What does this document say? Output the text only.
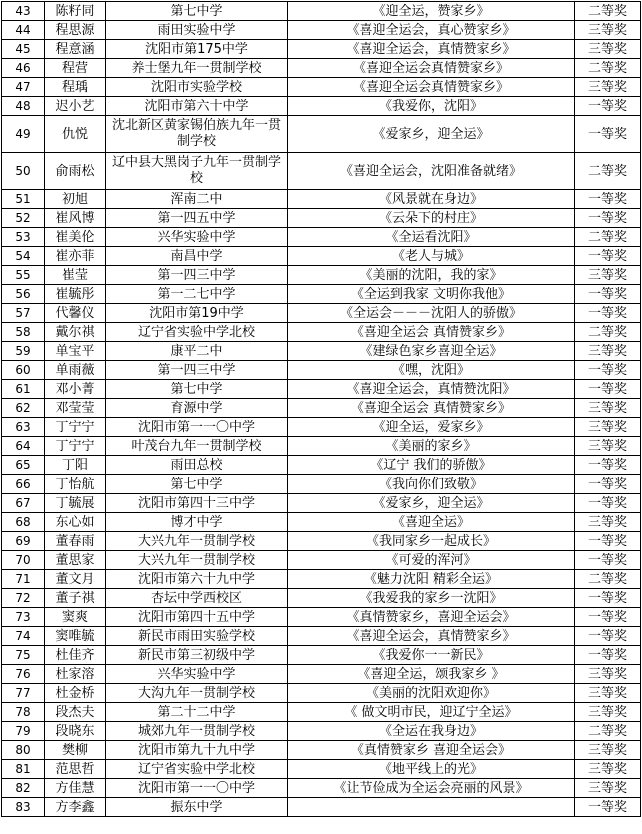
43	陈籽同	第七中学	《迎全运，赞家乡》	二等奖
44	程思源	雨田实验中学	《喜迎全运会，真心赞家乡》	三等奖
45	程意涵	沈阳市第175中学	《喜迎全运会，真情赞家乡》	三等奖
46	程营	养士堡九年一贯制学校	《喜迎全运会真情赞家乡》	二等奖
47	程瑀	沈阳市实验学校	《喜迎全运会真情赞家乡》	三等奖
48	迟小艺	沈阳市第六十中学	《我爱你，沈阳》	一等奖
49	仇悦	沈北新区黄家锡伯族九年一贯制学校	《爱家乡，迎全运》	一等奖
50	俞雨松	辽中县大黑岗子九年一贯制学校	《喜迎全运会，沈阳准备就绪》	二等奖
51	初旭	浑南二中	《风景就在身边》	一等奖
52	崔风博	第一四五中学	《云朵下的村庄》	一等奖
53	崔美伦	兴华实验中学	《全运看沈阳》	二等奖
54	崔亦菲	南昌中学	《老人与城》	一等奖
55	崔莹	第一四三中学	《美丽的沈阳，我的家》	三等奖
56	崔毓彤	第一二七中学	《全运到我家 文明你我他》	一等奖
57	代馨仪	沈阳市第19中学	《全运会－－－沈阳人的骄傲》	一等奖
58	戴尔祺	辽宁省实验中学北校	《喜迎全运会 真情赞家乡》	二等奖
59	单宝平	康平二中	《建绿色家乡喜迎全运》	三等奖
60	单雨薇	第一四三中学	《嘿，沈阳》	一等奖
61	邓小菁	第七中学	《喜迎全运会，真情赞沈阳》	一等奖
62	邓莹莹	育源中学	《喜迎全运会 真情赞家乡》	三等奖
63	丁宁宁	沈阳市第一一〇中学	《迎全运，爱家乡》	三等奖
64	丁宁宁	叶茂台九年一贯制学校	《美丽的家乡》	三等奖
65	丁阳	雨田总校	《辽宁 我们的骄傲》	一等奖
66	丁怡航	第七中学	《我向你们致敬》	一等奖
67	丁毓展	沈阳市第四十三中学	《爱家乡，迎全运》	一等奖
68	东心如	博才中学	《喜迎全运》	三等奖
69	董春雨	大兴九年一贯制学校	《我同家乡一起成长》	一等奖
70	董思家	大兴九年一贯制学校	《可爱的浑河》	一等奖
71	董文月	沈阳市第六十九中学	《魅力沈阳 精彩全运》	二等奖
72	董子祺	杏坛中学西校区	《我爱我的家乡一沈阳》	一等奖
73	窦爽	沈阳市第四十五中学	《真情赞家乡，喜迎全运会》	一等奖
74	窦唯毓	新民市雨田实验学校	《喜迎全运会，真情赞家乡》	一等奖
75	杜佳齐	新民市第三初级中学	《我爱你一一新民》	一等奖
76	杜家溶	兴华实验中学	《喜迎全运，颂我家乡 》	三等奖
77	杜金桥	大沟九年一贯制学校	《美丽的沈阳欢迎你》	三等奖
78	段杰夫	第二十二中学	《 做文明市民，迎辽宁全运》	三等奖
79	段晓东	城郊九年一贯制学校	《全运在我身边》	二等奖
80	樊柳	沈阳市第九十九中学	《真情赞家乡 喜迎全运会》	三等奖
81	范思哲	辽宁省实验中学北校	《地平线上的光》	三等奖
82	方佳慧	沈阳市第一一〇中学	《让节俭成为全运会亮丽的风景》	三等奖
83	方李鑫	振东中学		一等奖
